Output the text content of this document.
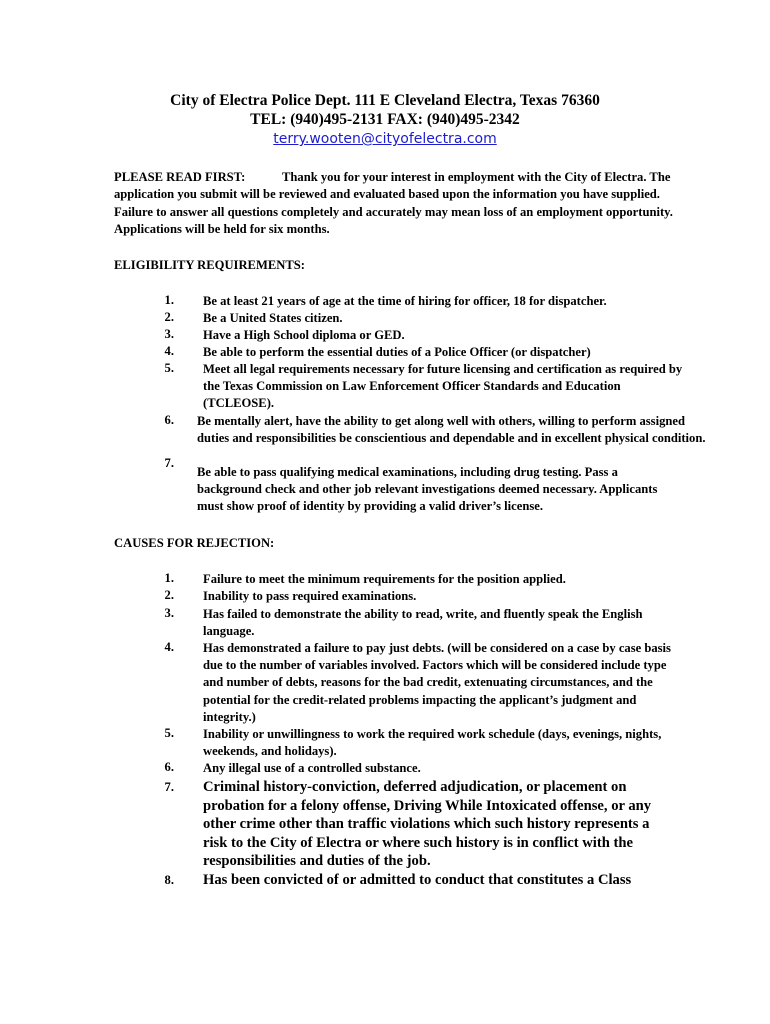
City of Electra Police Dept. 111 E Cleveland Electra, Texas 76360
TEL: (940)495-2131 FAX: (940)495-2342
terry.wooten@cityofelectra.com
PLEASE READ FIRST:	Thank you for your interest in employment with the City of Electra. The application you submit will be reviewed and evaluated based upon the information you have supplied. Failure to answer all questions completely and accurately may mean loss of an employment opportunity. Applications will be held for six months.
ELIGIBILITY REQUIREMENTS:
1. Be at least 21 years of age at the time of hiring for officer, 18 for dispatcher.
2. Be a United States citizen.
3. Have a High School diploma or GED.
4. Be able to perform the essential duties of a Police Officer (or dispatcher)
5. Meet all legal requirements necessary for future licensing and certification as required by the Texas Commission on Law Enforcement Officer Standards and Education (TCLEOSE).
6. Be mentally alert, have the ability to get along well with others, willing to perform assigned duties and responsibilities be conscientious and dependable and in excellent physical condition.
7.
Be able to pass qualifying medical examinations, including drug testing. Pass a background check and other job relevant investigations deemed necessary. Applicants must show proof of identity by providing a valid driver’s license.
CAUSES FOR REJECTION:
1. Failure to meet the minimum requirements for the position applied.
2. Inability to pass required examinations.
3. Has failed to demonstrate the ability to read, write, and fluently speak the English language.
4. Has demonstrated a failure to pay just debts. (will be considered on a case by case basis due to the number of variables involved. Factors which will be considered include type and number of debts, reasons for the bad credit, extenuating circumstances, and the potential for the credit-related problems impacting the applicant’s judgment and integrity.)
5. Inability or unwillingness to work the required work schedule (days, evenings, nights, weekends, and holidays).
6. Any illegal use of a controlled substance.
7. Criminal history-conviction, deferred adjudication, or placement on probation for a felony offense, Driving While Intoxicated offense, or any other crime other than traffic violations which such history represents a risk to the City of Electra or where such history is in conflict with the responsibilities and duties of the job.
8. Has been convicted of or admitted to conduct that constitutes a Class
